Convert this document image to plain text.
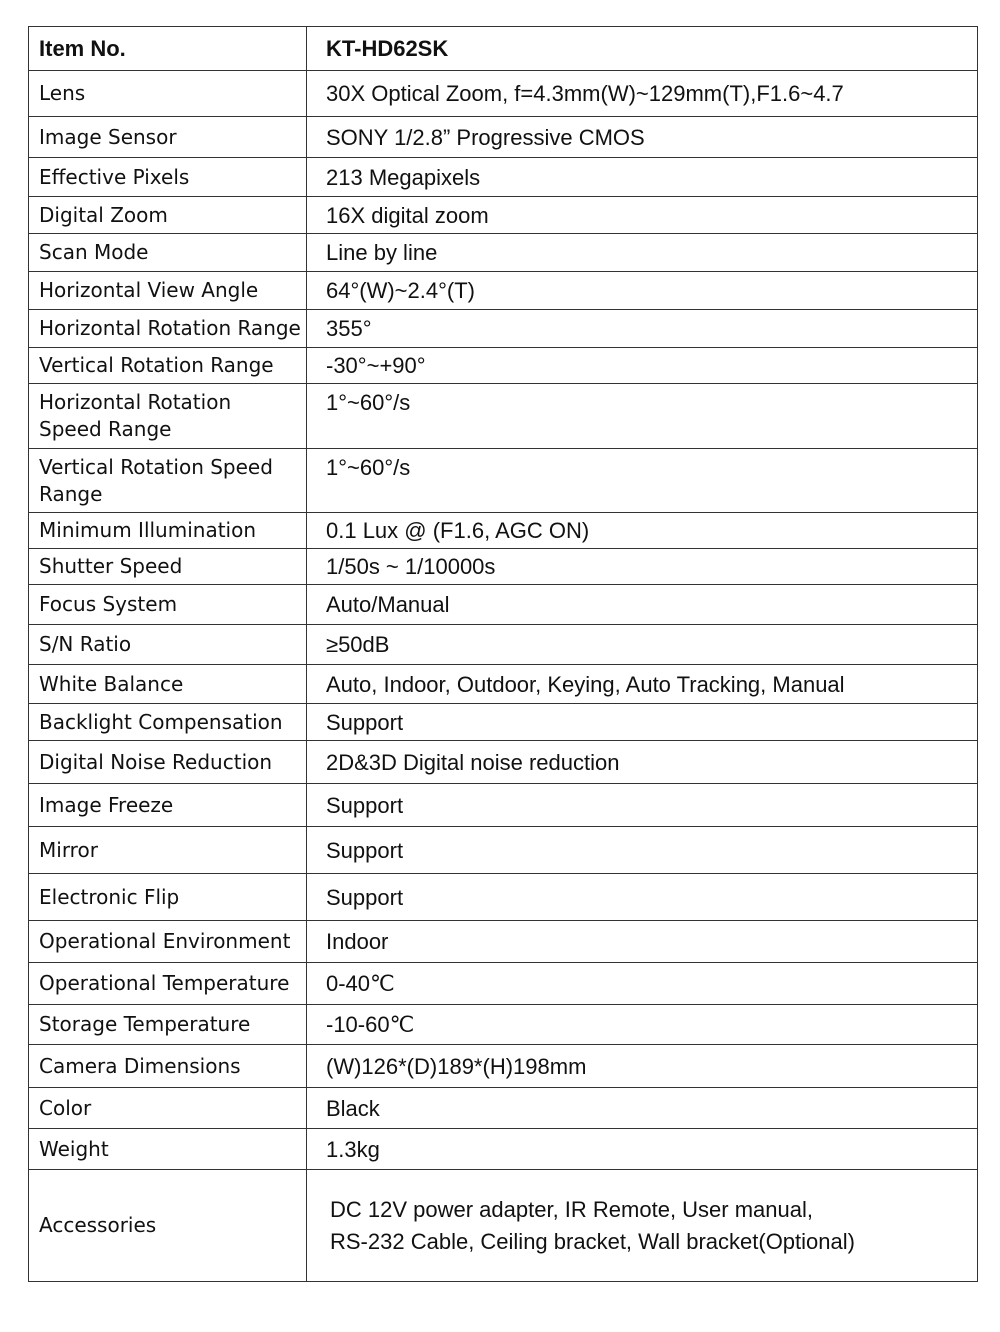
Item No.	KT-HD62SK
Lens	30X Optical Zoom, f=4.3mm(W)~129mm(T),F1.6~4.7
Image Sensor	SONY 1/2.8” Progressive CMOS
Effective Pixels	213 Megapixels
Digital Zoom	16X digital zoom
Scan Mode	Line by line
Horizontal View Angle	64°(W)~2.4°(T)
Horizontal Rotation Range	355°
Vertical Rotation Range	-30°~+90°
Horizontal Rotation Speed Range	1°~60°/s
Vertical Rotation Speed Range	1°~60°/s
Minimum Illumination	0.1 Lux @ (F1.6, AGC ON)
Shutter Speed	1/50s ~ 1/10000s
Focus System	Auto/Manual
S/N Ratio	≥50dB
White Balance	Auto, Indoor, Outdoor, Keying, Auto Tracking, Manual
Backlight Compensation	Support
Digital Noise Reduction	2D&3D Digital noise reduction
Image Freeze	Support
Mirror	Support
Electronic Flip	Support
Operational Environment	Indoor
Operational Temperature	0-40℃
Storage Temperature	-10-60℃
Camera Dimensions	(W)126*(D)189*(H)198mm
Color	Black
Weight	1.3kg
Accessories	DC 12V power adapter, IR Remote, User manual,
RS-232 Cable, Ceiling bracket, Wall bracket(Optional)
